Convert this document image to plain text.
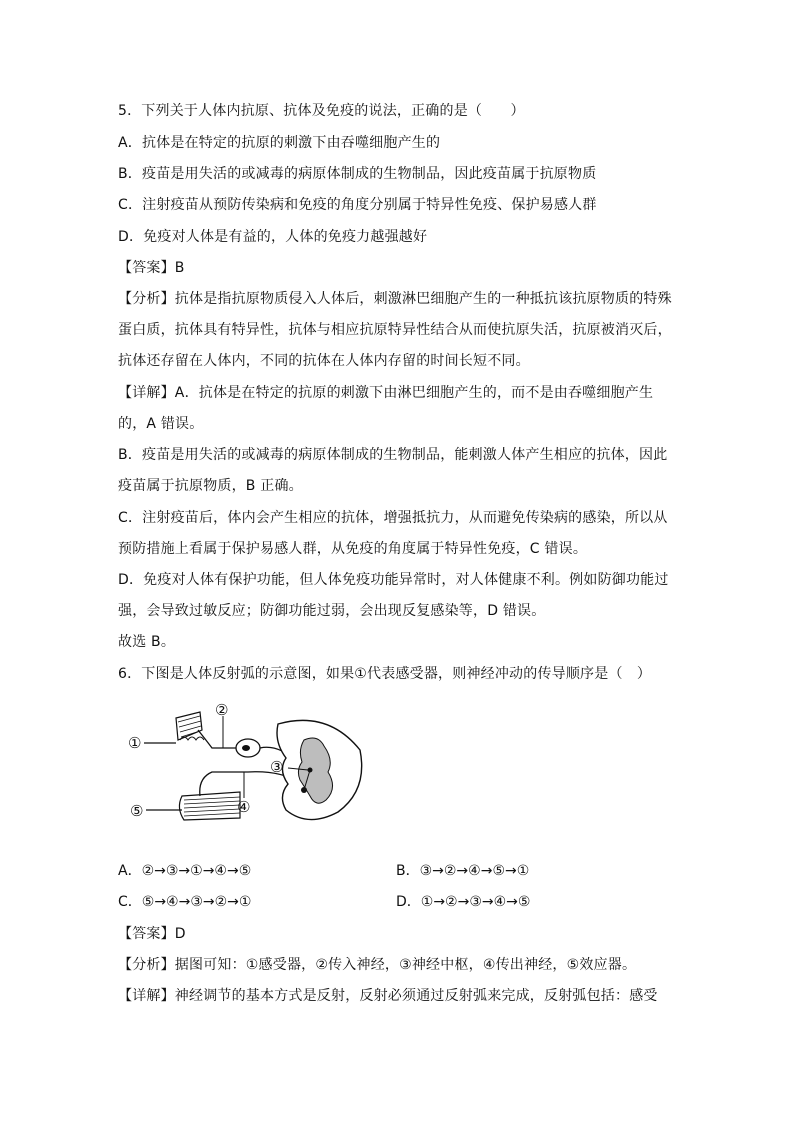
5．下列关于人体内抗原、抗体及免疫的说法，正确的是（　　）
A．抗体是在特定的抗原的刺激下由吞噬细胞产生的
B．疫苗是用失活的或减毒的病原体制成的生物制品，因此疫苗属于抗原物质
C．注射疫苗从预防传染病和免疫的角度分别属于特异性免疫、保护易感人群
D．免疫对人体是有益的，人体的免疫力越强越好
【答案】B
【分析】抗体是指抗原物质侵入人体后，刺激淋巴细胞产生的一种抵抗该抗原物质的特殊
蛋白质，抗体具有特异性，抗体与相应抗原特异性结合从而使抗原失活，抗原被消灭后，
抗体还存留在人体内，不同的抗体在人体内存留的时间长短不同。
【详解】A．抗体是在特定的抗原的刺激下由淋巴细胞产生的，而不是由吞噬细胞产生
的，A 错误。
B．疫苗是用失活的或减毒的病原体制成的生物制品，能刺激人体产生相应的抗体，因此
疫苗属于抗原物质，B 正确。
C．注射疫苗后，体内会产生相应的抗体，增强抵抗力，从而避免传染病的感染，所以从
预防措施上看属于保护易感人群，从免疫的角度属于特异性免疫，C 错误。
D．免疫对人体有保护功能，但人体免疫功能异常时，对人体健康不利。例如防御功能过
强，会导致过敏反应；防御功能过弱，会出现反复感染等，D 错误。
故选 B。
6．下图是人体反射弧的示意图，如果①代表感受器，则神经冲动的传导顺序是（　）
①
②
③
④
⑤
A．②→③→①→④→⑤	B．③→②→④→⑤→①
C．⑤→④→③→②→①	D．①→②→③→④→⑤
【答案】D
【分析】据图可知：①感受器，②传入神经，③神经中枢，④传出神经，⑤效应器。
【详解】神经调节的基本方式是反射，反射必须通过反射弧来完成，反射弧包括：感受
